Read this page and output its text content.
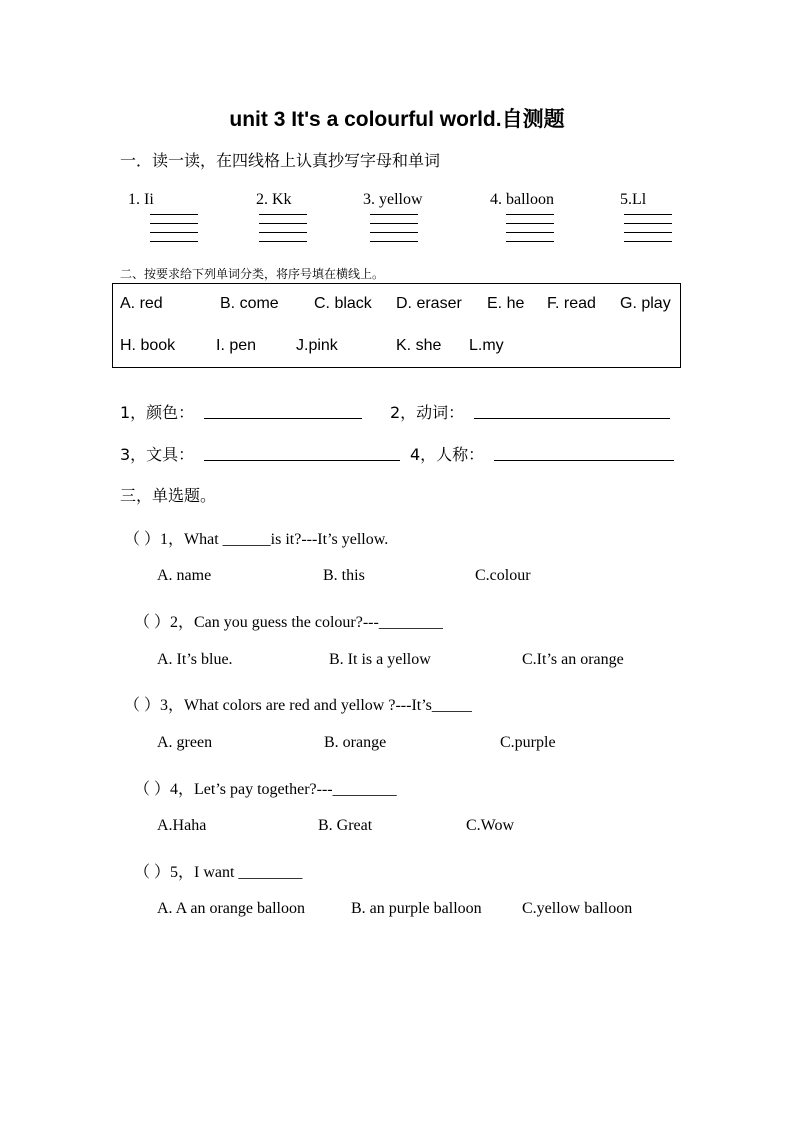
unit 3 It's a colourful world.自测题
一．读一读，在四线格上认真抄写字母和单词
1. Ii	2. Kk	3. yellow	4. balloon	5.Ll
二、按要求给下列单词分类，将序号填在横线上。
A. red	B. come C. black D. eraser E. he F. read G. play
H. book	I. pen J.pink	K. she L.my
1，颜色：	2，动词：
3，文具：	4，人称：
三，单选题。
（ ）1，What ______is it?---It’s yellow.
A. name	B. this	C.colour
（ ）2，Can you guess the colour?---________
A. It’s blue.	B. It is a yellow	C.It’s an orange
（ ）3，What colors are red and yellow ?---It’s_____
A. green	B. orange	C.purple
（ ）4，Let’s pay together?---________
A.Haha	B. Great	C.Wow
（ ）5，I want ________
A. A an orange balloon	B. an purple balloon	C.yellow balloon
